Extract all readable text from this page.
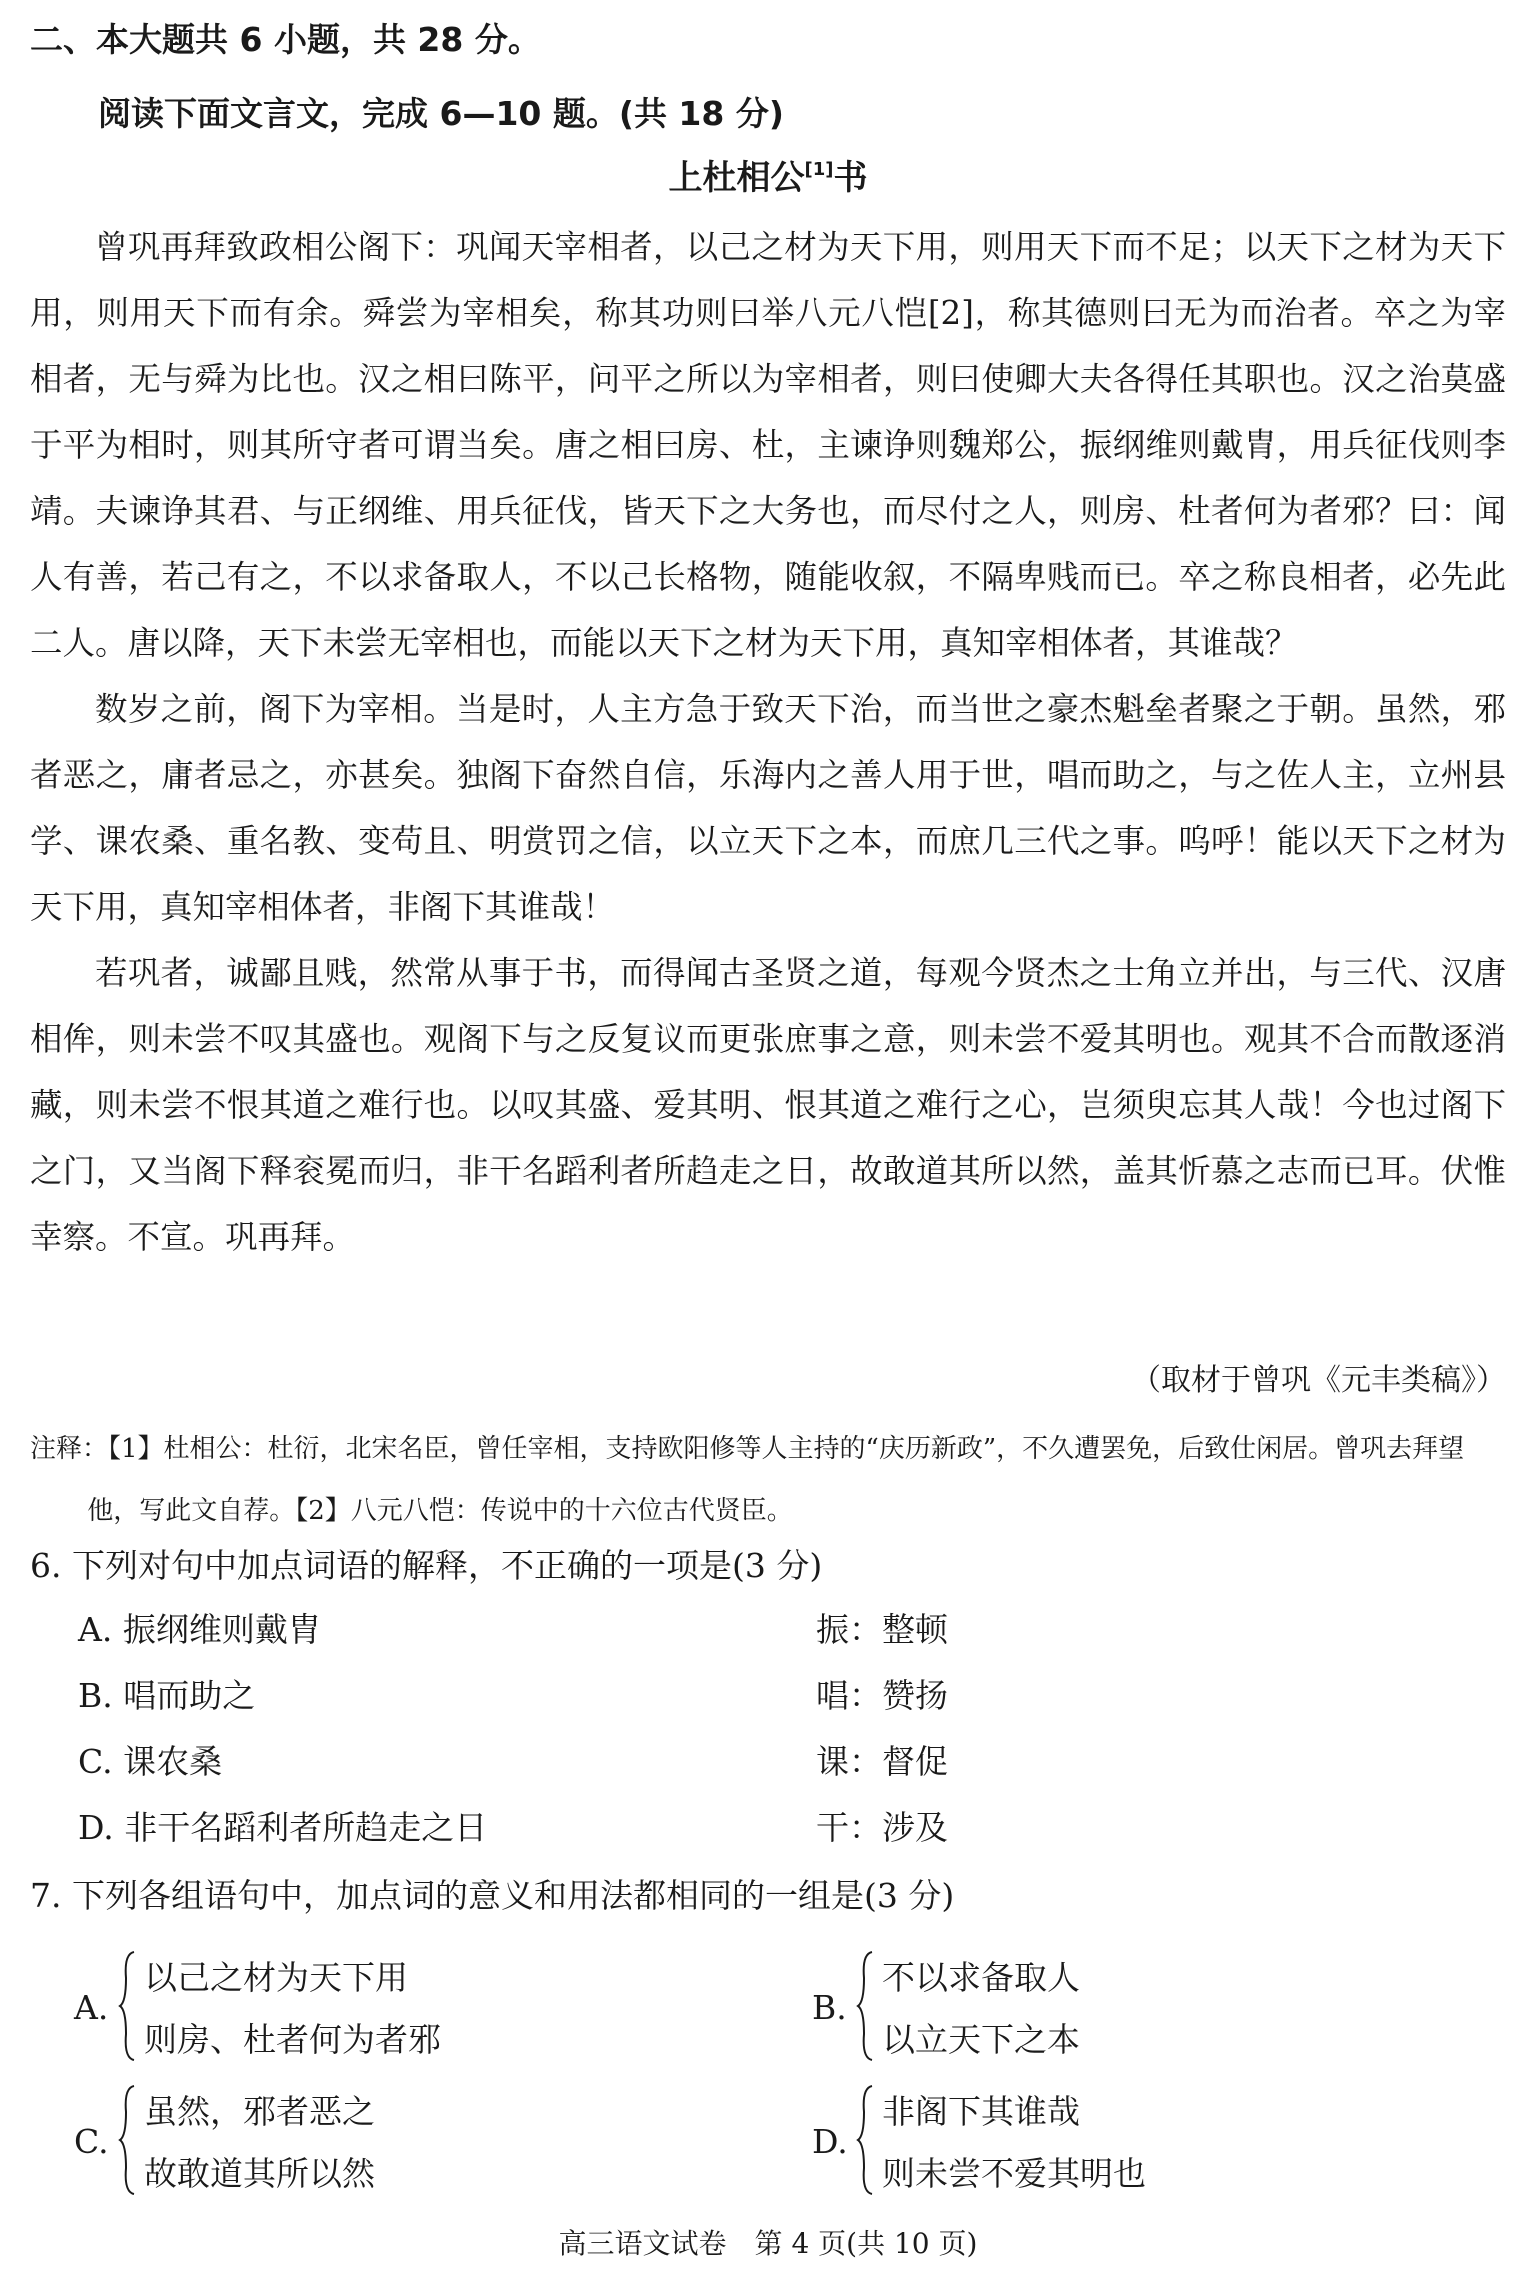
二、本大题共 6 小题，共 28 分。
阅读下面文言文，完成 6—10 题。(共 18 分)
上杜相公[1]书

曾巩再拜致政相公阁下：巩闻天宰相者，以己之材为天下用，则用天下而不足；以天下之材为天下用，则用天下而有余。舜尝为宰相矣，称其功则曰举八元八恺[2]，称其德则曰无为而治者。卒之为宰相者，无与舜为比也。汉之相曰陈平，问平之所以为宰相者，则曰使卿大夫各得任其职也。汉之治莫盛于平为相时，则其所守者可谓当矣。唐之相曰房、杜，主谏诤则魏郑公，振纲维则戴胄，用兵征伐则李靖。夫谏诤其君、与正纲维、用兵征伐，皆天下之大务也，而尽付之人，则房、杜者何为者邪？曰：闻人有善，若己有之，不以求备取人，不以己长格物，随能收叙，不隔卑贱而已。卒之称良相者，必先此二人。唐以降，天下未尝无宰相也，而能以天下之材为天下用，真知宰相体者，其谁哉？

数岁之前，阁下为宰相。当是时，人主方急于致天下治，而当世之豪杰魁垒者聚之于朝。虽然，邪者恶之，庸者忌之，亦甚矣。独阁下奋然自信，乐海内之善人用于世，唱而助之，与之佐人主，立州县学、课农桑、重名教、变苟且、明赏罚之信，以立天下之本，而庶几三代之事。呜呼！能以天下之材为天下用，真知宰相体者，非阁下其谁哉！

若巩者，诚鄙且贱，然常从事于书，而得闻古圣贤之道，每观今贤杰之士角立并出，与三代、汉唐相侔，则未尝不叹其盛也。观阁下与之反复议而更张庶事之意，则未尝不爱其明也。观其不合而散逐消藏，则未尝不恨其道之难行也。以叹其盛、爱其明、恨其道之难行之心，岂须臾忘其人哉！今也过阁下之门，又当阁下释衮冕而归，非干名蹈利者所趋走之日，故敢道其所以然，盖其忻慕之志而已耳。伏惟幸察。不宣。巩再拜。

（取材于曾巩《元丰类稿》）

注释：【1】杜相公：杜衍，北宋名臣，曾任宰相，支持欧阳修等人主持的“庆历新政”，不久遭罢免，后致仕闲居。曾巩去拜望他，写此文自荐。【2】八元八恺：传说中的十六位古代贤臣。

6. 下列对句中加点词语的解释，不正确的一项是(3 分)
A. 振纲维则戴胄	振：整顿
B. 唱而助之	唱：赞扬
C. 课农桑	课：督促
D. 非干名蹈利者所趋走之日	干：涉及
7. 下列各组语句中，加点词的意义和用法都相同的一组是(3 分)
A.
以己之材为天下用
则房、杜者何为者邪
B.
不以求备取人
以立天下之本
C.
虽然，邪者恶之
故敢道其所以然
D.
非阁下其谁哉
则未尝不爱其明也
高三语文试卷　第 4 页(共 10 页)
